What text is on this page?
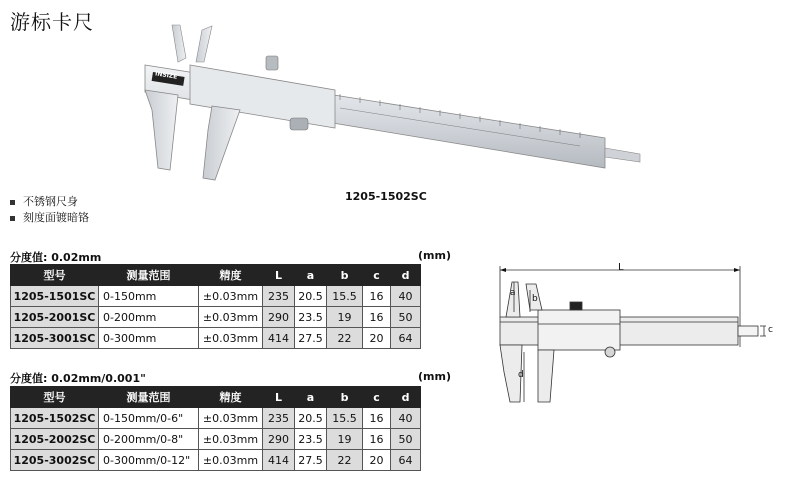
游标卡尺
INSIZE
1205-1502SC
不锈钢尺身
刻度面镀暗铬
分度值: 0.02mm	(mm)
型号	测量范围	精度	L	a	b	c	d
1205-1501SC	0-150mm	±0.03mm	235	20.5	15.5	16	40
1205-2001SC	0-200mm	±0.03mm	290	23.5	19	16	50
1205-3001SC	0-300mm	±0.03mm	414	27.5	22	20	64
分度值: 0.02mm/0.001"	(mm)
型号	测量范围	精度	L	a	b	c	d
1205-1502SC	0-150mm/0-6"	±0.03mm	235	20.5	15.5	16	40
1205-2002SC	0-200mm/0-8"	±0.03mm	290	23.5	19	16	50
1205-3002SC	0-300mm/0-12"	±0.03mm	414	27.5	22	20	64
L
a
b
c
d
